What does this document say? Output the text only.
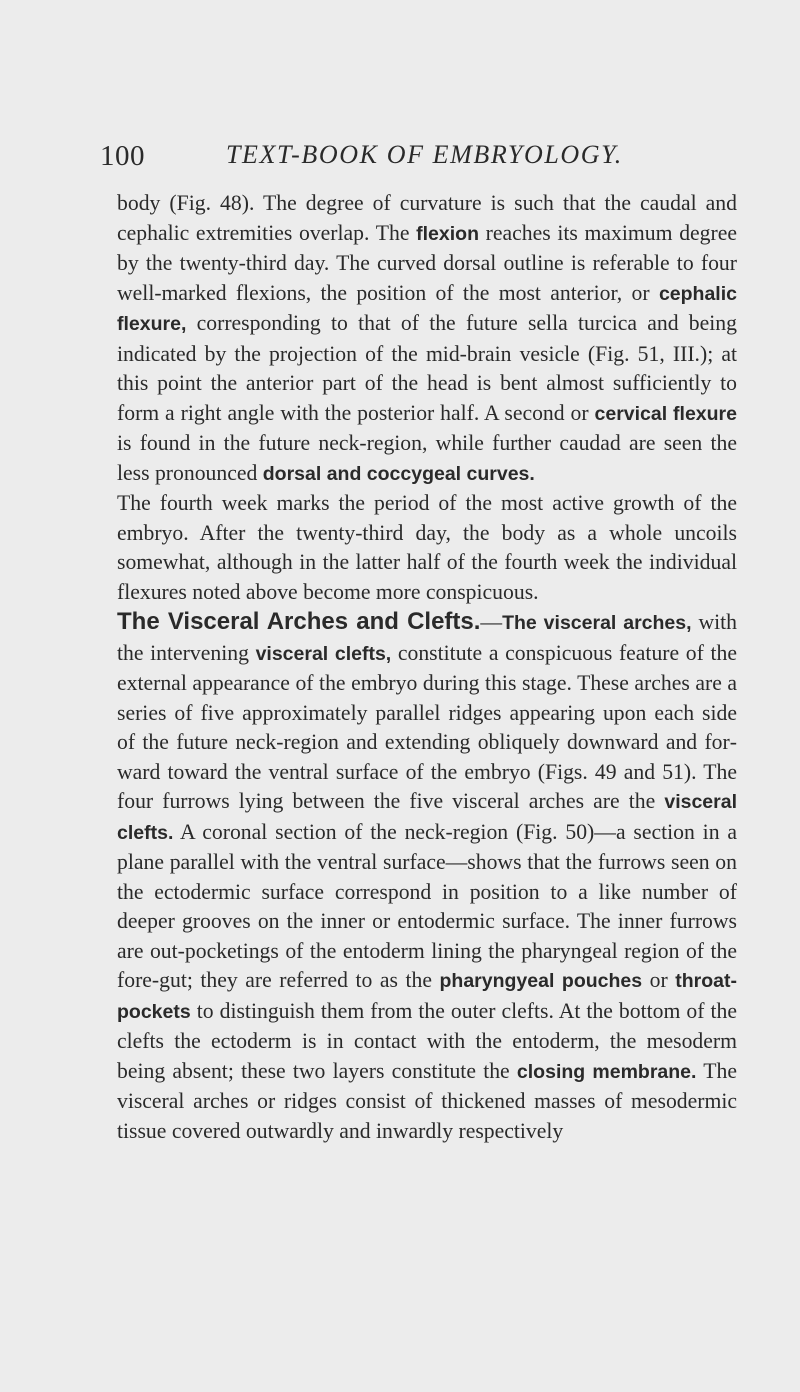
100	TEXT-BOOK OF EMBRYOLOGY.

body (Fig. 48). The degree of curvature is such that the caudal and cephalic extremities overlap. The flexion reaches its maximum degree by the twenty-third day. The curved dorsal outline is referable to four well-marked flexions, the position of the most anterior, or cephalic flexure, corresponding to that of the future sella turcica and being indicated by the projection of the mid-brain vesicle (Fig. 51, III.); at this point the anterior part of the head is bent almost sufficiently to form a right angle with the posterior half. A second or cervical flexure is found in the future neck-region, while further caudad are seen the less pronounced dorsal and coccygeal curves.

The fourth week marks the period of the most active growth of the embryo. After the twenty-third day, the body as a whole uncoils somewhat, although in the latter half of the fourth week the individual flexures noted above become more conspicuous.

The Visceral Arches and Clefts.—The visceral arches, with the intervening visceral clefts, constitute a conspicuous feature of the external appearance of the embryo during this stage. These arches are a series of five approximately parallel ridges appearing upon each side of the future neck-region and extending obliquely downward and forward toward the ventral surface of the embryo (Figs. 49 and 51). The four furrows lying between the five visceral arches are the visceral clefts. A coronal section of the neck-region (Fig. 50)—a section in a plane parallel with the ventral surface—shows that the furrows seen on the ectodermic surface correspond in position to a like number of deeper grooves on the inner or entodermic surface. The inner furrows are out-pocketings of the entoderm lining the pharyngeal region of the fore-gut; they are referred to as the pharyngyeal pouches or throat-pockets to distinguish them from the outer clefts. At the bottom of the clefts the ectoderm is in contact with the entoderm, the mesoderm being absent; these two layers constitute the closing membrane. The visceral arches or ridges consist of thickened masses of mesodermic tissue covered outwardly and inwardly respectively
